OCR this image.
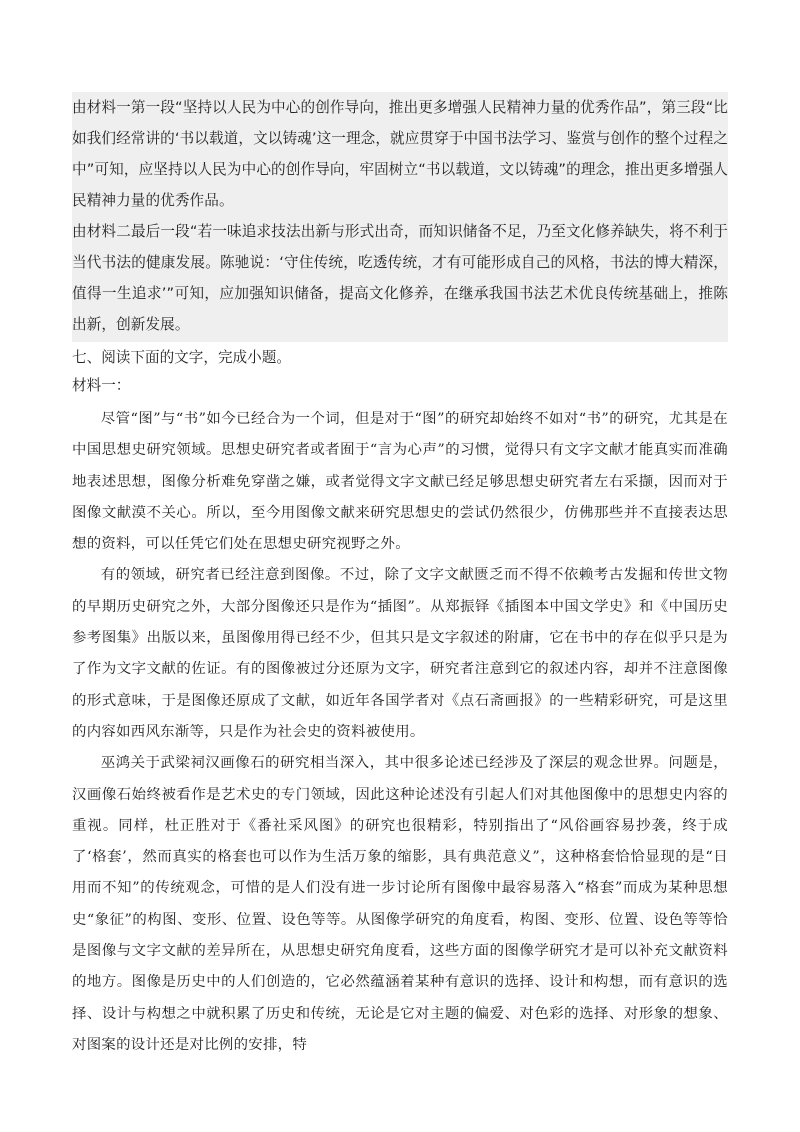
由材料一第一段“坚持以人民为中心的创作导向，推出更多增强人民精神力量的优秀作品”，第三段“比如我们经常讲的‘书以载道，文以铸魂’这一理念，就应贯穿于中国书法学习、鉴赏与创作的整个过程之中”可知，应坚持以人民为中心的创作导向，牢固树立“书以载道，文以铸魂”的理念，推出更多增强人民精神力量的优秀作品。

由材料二最后一段“若一味追求技法出新与形式出奇，而知识储备不足，乃至文化修养缺失，将不利于当代书法的健康发展。陈驰说：‘守住传统，吃透传统，才有可能形成自己的风格，书法的博大精深，值得一生追求’”可知，应加强知识储备，提高文化修养，在继承我国书法艺术优良传统基础上，推陈出新，创新发展。

七、阅读下面的文字，完成小题。

材料一：

尽管“图”与“书”如今已经合为一个词，但是对于“图”的研究却始终不如对“书”的研究，尤其是在中国思想史研究领域。思想史研究者或者囿于“言为心声”的习惯，觉得只有文字文献才能真实而准确地表述思想，图像分析难免穿凿之嫌，或者觉得文字文献已经足够思想史研究者左右采撷，因而对于图像文献漠不关心。所以，至今用图像文献来研究思想史的尝试仍然很少，仿佛那些并不直接表达思想的资料，可以任凭它们处在思想史研究视野之外。

有的领域，研究者已经注意到图像。不过，除了文字文献匮乏而不得不依赖考古发掘和传世文物的早期历史研究之外，大部分图像还只是作为“插图”。从郑振铎《插图本中国文学史》和《中国历史参考图集》出版以来，虽图像用得已经不少，但其只是文字叙述的附庸，它在书中的存在似乎只是为了作为文字文献的佐证。有的图像被过分还原为文字，研究者注意到它的叙述内容，却并不注意图像的形式意味，于是图像还原成了文献，如近年各国学者对《点石斋画报》的一些精彩研究，可是这里的内容如西风东渐等，只是作为社会史的资料被使用。

巫鸿关于武梁祠汉画像石的研究相当深入，其中很多论述已经涉及了深层的观念世界。问题是，汉画像石始终被看作是艺术史的专门领域，因此这种论述没有引起人们对其他图像中的思想史内容的重视。同样，杜正胜对于《番社采风图》的研究也很精彩，特别指出了“风俗画容易抄袭，终于成了‘格套’，然而真实的格套也可以作为生活万象的缩影，具有典范意义”，这种格套恰恰显现的是“日用而不知”的传统观念，可惜的是人们没有进一步讨论所有图像中最容易落入“格套”而成为某种思想史“象征”的构图、变形、位置、设色等等。从图像学研究的角度看，构图、变形、位置、设色等等恰是图像与文字文献的差异所在，从思想史研究角度看，这些方面的图像学研究才是可以补充文献资料的地方。图像是历史中的人们创造的，它必然蕴涵着某种有意识的选择、设计和构想，而有意识的选择、设计与构想之中就积累了历史和传统，无论是它对主题的偏爱、对色彩的选择、对形象的想象、对图案的设计还是对比例的安排，特
